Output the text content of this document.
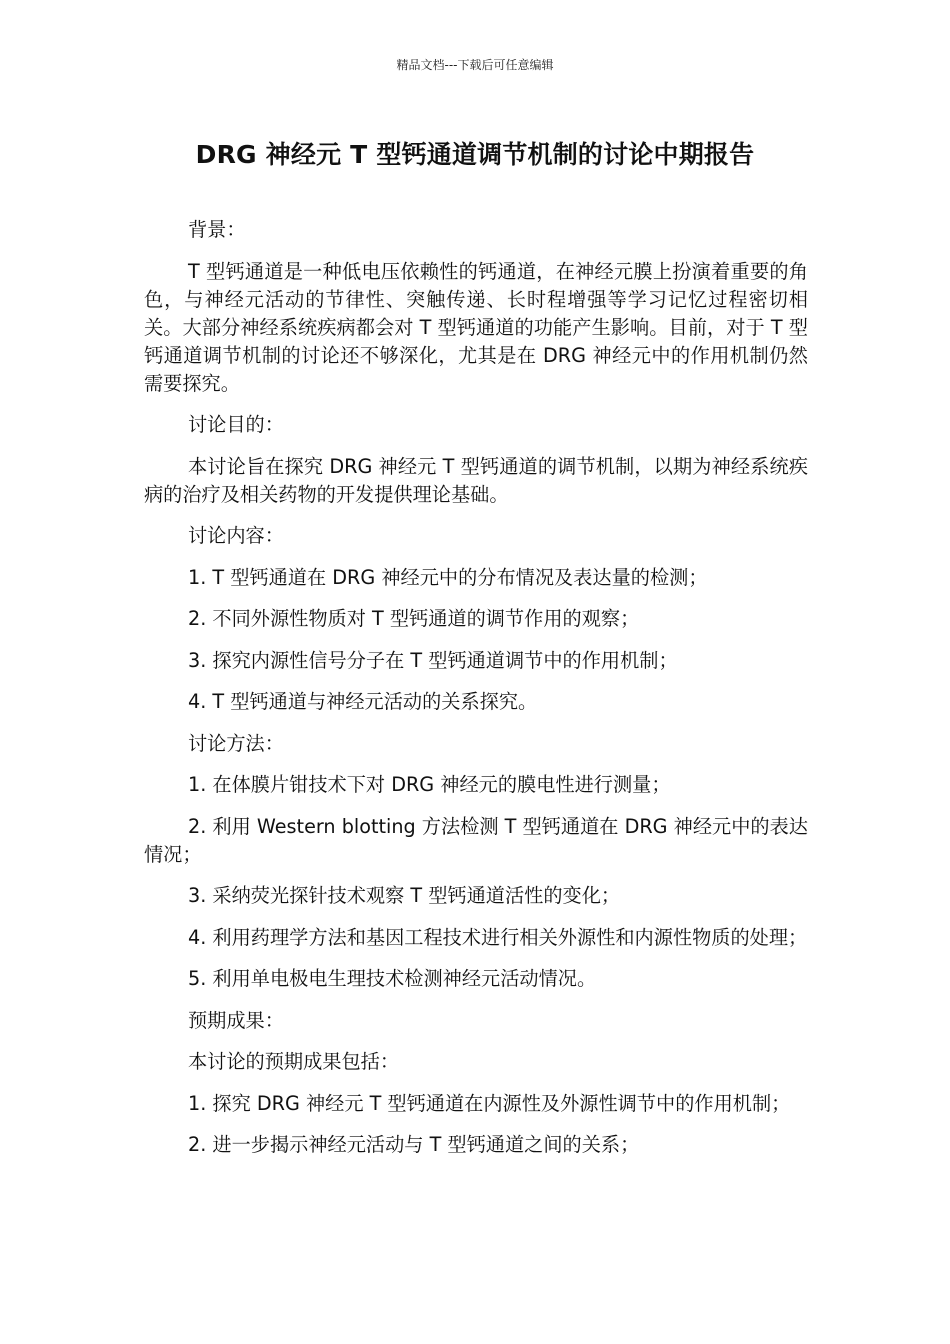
精品文档---下载后可任意编辑
DRG 神经元 T 型钙通道调节机制的讨论中期报告

背景：

T 型钙通道是一种低电压依赖性的钙通道，在神经元膜上扮演着重要的角色，与神经元活动的节律性、突触传递、长时程增强等学习记忆过程密切相关。大部分神经系统疾病都会对 T 型钙通道的功能产生影响。目前，对于 T 型钙通道调节机制的讨论还不够深化，尤其是在 DRG 神经元中的作用机制仍然需要探究。

讨论目的：

本讨论旨在探究 DRG 神经元 T 型钙通道的调节机制，以期为神经系统疾病的治疗及相关药物的开发提供理论基础。

讨论内容：

1. T 型钙通道在 DRG 神经元中的分布情况及表达量的检测；

2. 不同外源性物质对 T 型钙通道的调节作用的观察；

3. 探究内源性信号分子在 T 型钙通道调节中的作用机制；

4. T 型钙通道与神经元活动的关系探究。

讨论方法：

1. 在体膜片钳技术下对 DRG 神经元的膜电性进行测量；

2. 利用 Western blotting 方法检测 T 型钙通道在 DRG 神经元中的表达情况；

3. 采纳荧光探针技术观察 T 型钙通道活性的变化；

4. 利用药理学方法和基因工程技术进行相关外源性和内源性物质的处理；

5. 利用单电极电生理技术检测神经元活动情况。

预期成果：

本讨论的预期成果包括：

1. 探究 DRG 神经元 T 型钙通道在内源性及外源性调节中的作用机制；

2. 进一步揭示神经元活动与 T 型钙通道之间的关系；
